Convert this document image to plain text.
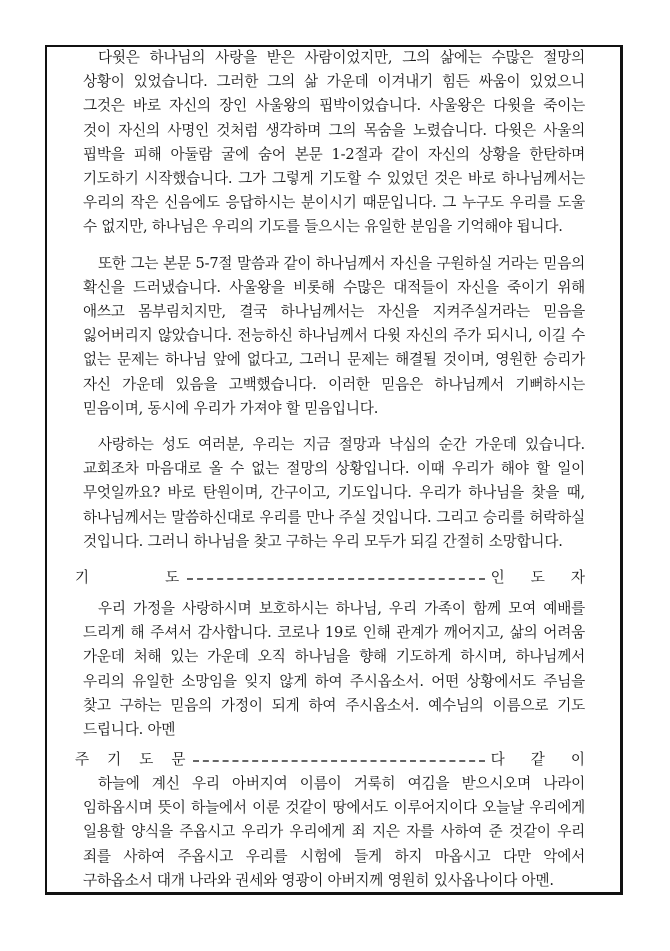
다윗은 하나님의 사랑을 받은 사람이었지만, 그의 삶에는 수많은 절망의 상황이 있었습니다. 그러한 그의 삶 가운데 이겨내기 힘든 싸움이 있었으니 그것은 바로 자신의 장인 사울왕의 핍박이었습니다. 사울왕은 다윗을 죽이는 것이 자신의 사명인 것처럼 생각하며 그의 목숨을 노렸습니다. 다윗은 사울의 핍박을 피해 아둘람 굴에 숨어 본문 1-2절과 같이 자신의 상황을 한탄하며 기도하기 시작했습니다. 그가 그렇게 기도할 수 있었던 것은 바로 하나님께서는 우리의 작은 신음에도 응답하시는 분이시기 때문입니다. 그 누구도 우리를 도울 수 없지만, 하나님은 우리의 기도를 들으시는 유일한 분임을 기억해야 됩니다.

또한 그는 본문 5-7절 말씀과 같이 하나님께서 자신을 구원하실 거라는 믿음의 확신을 드러냈습니다. 사울왕을 비롯해 수많은 대적들이 자신을 죽이기 위해 애쓰고 몸부림치지만, 결국 하나님께서는 자신을 지켜주실거라는 믿음을 잃어버리지 않았습니다. 전능하신 하나님께서 다윗 자신의 주가 되시니, 이길 수 없는 문제는 하나님 앞에 없다고, 그러니 문제는 해결될 것이며, 영원한 승리가 자신 가운데 있음을 고백했습니다. 이러한 믿음은 하나님께서 기뻐하시는 믿음이며, 동시에 우리가 가져야 할 믿음입니다.

사랑하는 성도 여러분, 우리는 지금 절망과 낙심의 순간 가운데 있습니다. 교회조차 마음대로 올 수 없는 절망의 상황입니다. 이때 우리가 해야 할 일이 무엇일까요? 바로 탄원이며, 간구이고, 기도입니다. 우리가 하나님을 찾을 때, 하나님께서는 말씀하신대로 우리를 만나 주실 것입니다. 그리고 승리를 허락하실 것입니다. 그러니 하나님을 찾고 구하는 우리 모두가 되길 간절히 소망합니다.

기	도	인 도 자

우리 가정을 사랑하시며 보호하시는 하나님, 우리 가족이 함께 모여 예배를 드리게 해 주셔서 감사합니다. 코로나 19로 인해 관계가 깨어지고, 삶의 어려움 가운데 처해 있는 가운데 오직 하나님을 향해 기도하게 하시며, 하나님께서 우리의 유일한 소망임을 잊지 않게 하여 주시옵소서. 어떤 상황에서도 주님을 찾고 구하는 믿음의 가정이 되게 하여 주시옵소서. 예수님의 이름으로 기도 드립니다. 아멘

주 기 도 문	다 같 이

하늘에 계신 우리 아버지여 이름이 거룩히 여김을 받으시오며 나라이 임하옵시며 뜻이 하늘에서 이룬 것같이 땅에서도 이루어지이다 오늘날 우리에게 일용할 양식을 주옵시고 우리가 우리에게 죄 지은 자를 사하여 준 것같이 우리 죄를 사하여 주옵시고 우리를 시험에 들게 하지 마옵시고 다만 악에서 구하옵소서 대개 나라와 권세와 영광이 아버지께 영원히 있사옵나이다 아멘.
